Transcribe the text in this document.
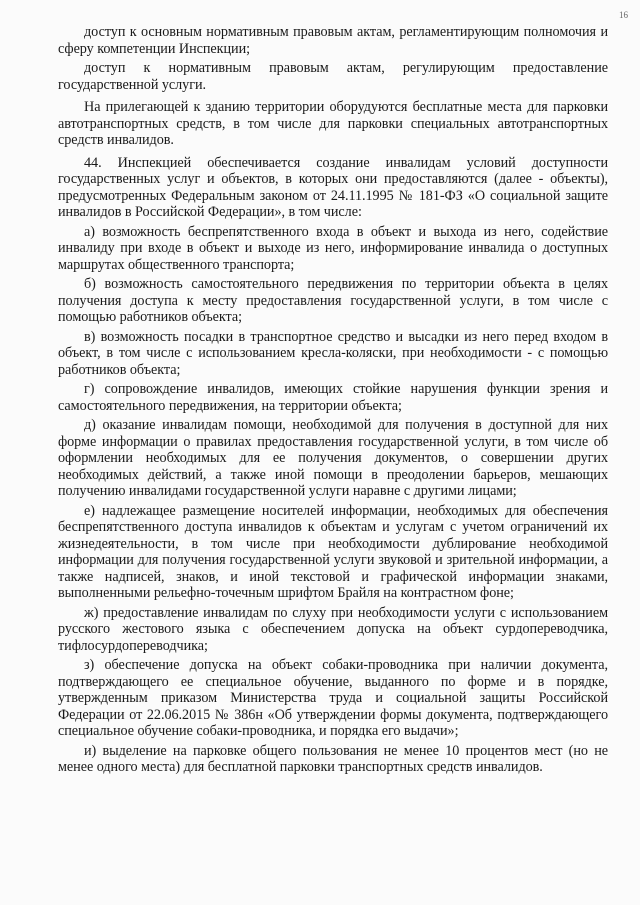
16

доступ к основным нормативным правовым актам, регламентирующим полномочия и сферу компетенции Инспекции;

доступ к нормативным правовым актам, регулирующим предоставление государственной услуги.

На прилегающей к зданию территории оборудуются бесплатные места для парковки автотранспортных средств, в том числе для парковки специальных автотранспортных средств инвалидов.

44. Инспекцией обеспечивается создание инвалидам условий доступности государственных услуг и объектов, в которых они предоставляются (далее - объекты), предусмотренных Федеральным законом от 24.11.1995 № 181-ФЗ «О социальной защите инвалидов в Российской Федерации», в том числе:

а) возможность беспрепятственного входа в объект и выхода из него, содействие инвалиду при входе в объект и выходе из него, информирование инвалида о доступных маршрутах общественного транспорта;

б) возможность самостоятельного передвижения по территории объекта в целях получения доступа к месту предоставления государственной услуги, в том числе с помощью работников объекта;

в) возможность посадки в транспортное средство и высадки из него перед входом в объект, в том числе с использованием кресла-коляски, при необходимости - с помощью работников объекта;

г) сопровождение инвалидов, имеющих стойкие нарушения функции зрения и самостоятельного передвижения, на территории объекта;

д) оказание инвалидам помощи, необходимой для получения в доступной для них форме информации о правилах предоставления государственной услуги, в том числе об оформлении необходимых для ее получения документов, о совершении других необходимых действий, а также иной помощи в преодолении барьеров, мешающих получению инвалидами государственной услуги наравне с другими лицами;

е) надлежащее размещение носителей информации, необходимых для обеспечения беспрепятственного доступа инвалидов к объектам и услугам с учетом ограничений их жизнедеятельности, в том числе при необходимости дублирование необходимой информации для получения государственной услуги звуковой и зрительной информации, а также надписей, знаков, и иной текстовой и графической информации знаками, выполненными рельефно-точечным шрифтом Брайля на контрастном фоне;

ж) предоставление инвалидам по слуху при необходимости услуги с использованием русского жестового языка с обеспечением допуска на объект сурдопереводчика, тифлосурдопереводчика;

з) обеспечение допуска на объект собаки-проводника при наличии документа, подтверждающего ее специальное обучение, выданного по форме и в порядке, утвержденным приказом Министерства труда и социальной защиты Российской Федерации от 22.06.2015 № 386н «Об утверждении формы документа, подтверждающего специальное обучение собаки-проводника, и порядка его выдачи»;

и) выделение на парковке общего пользования не менее 10 процентов мест (но не менее одного места) для бесплатной парковки транспортных средств инвалидов.
